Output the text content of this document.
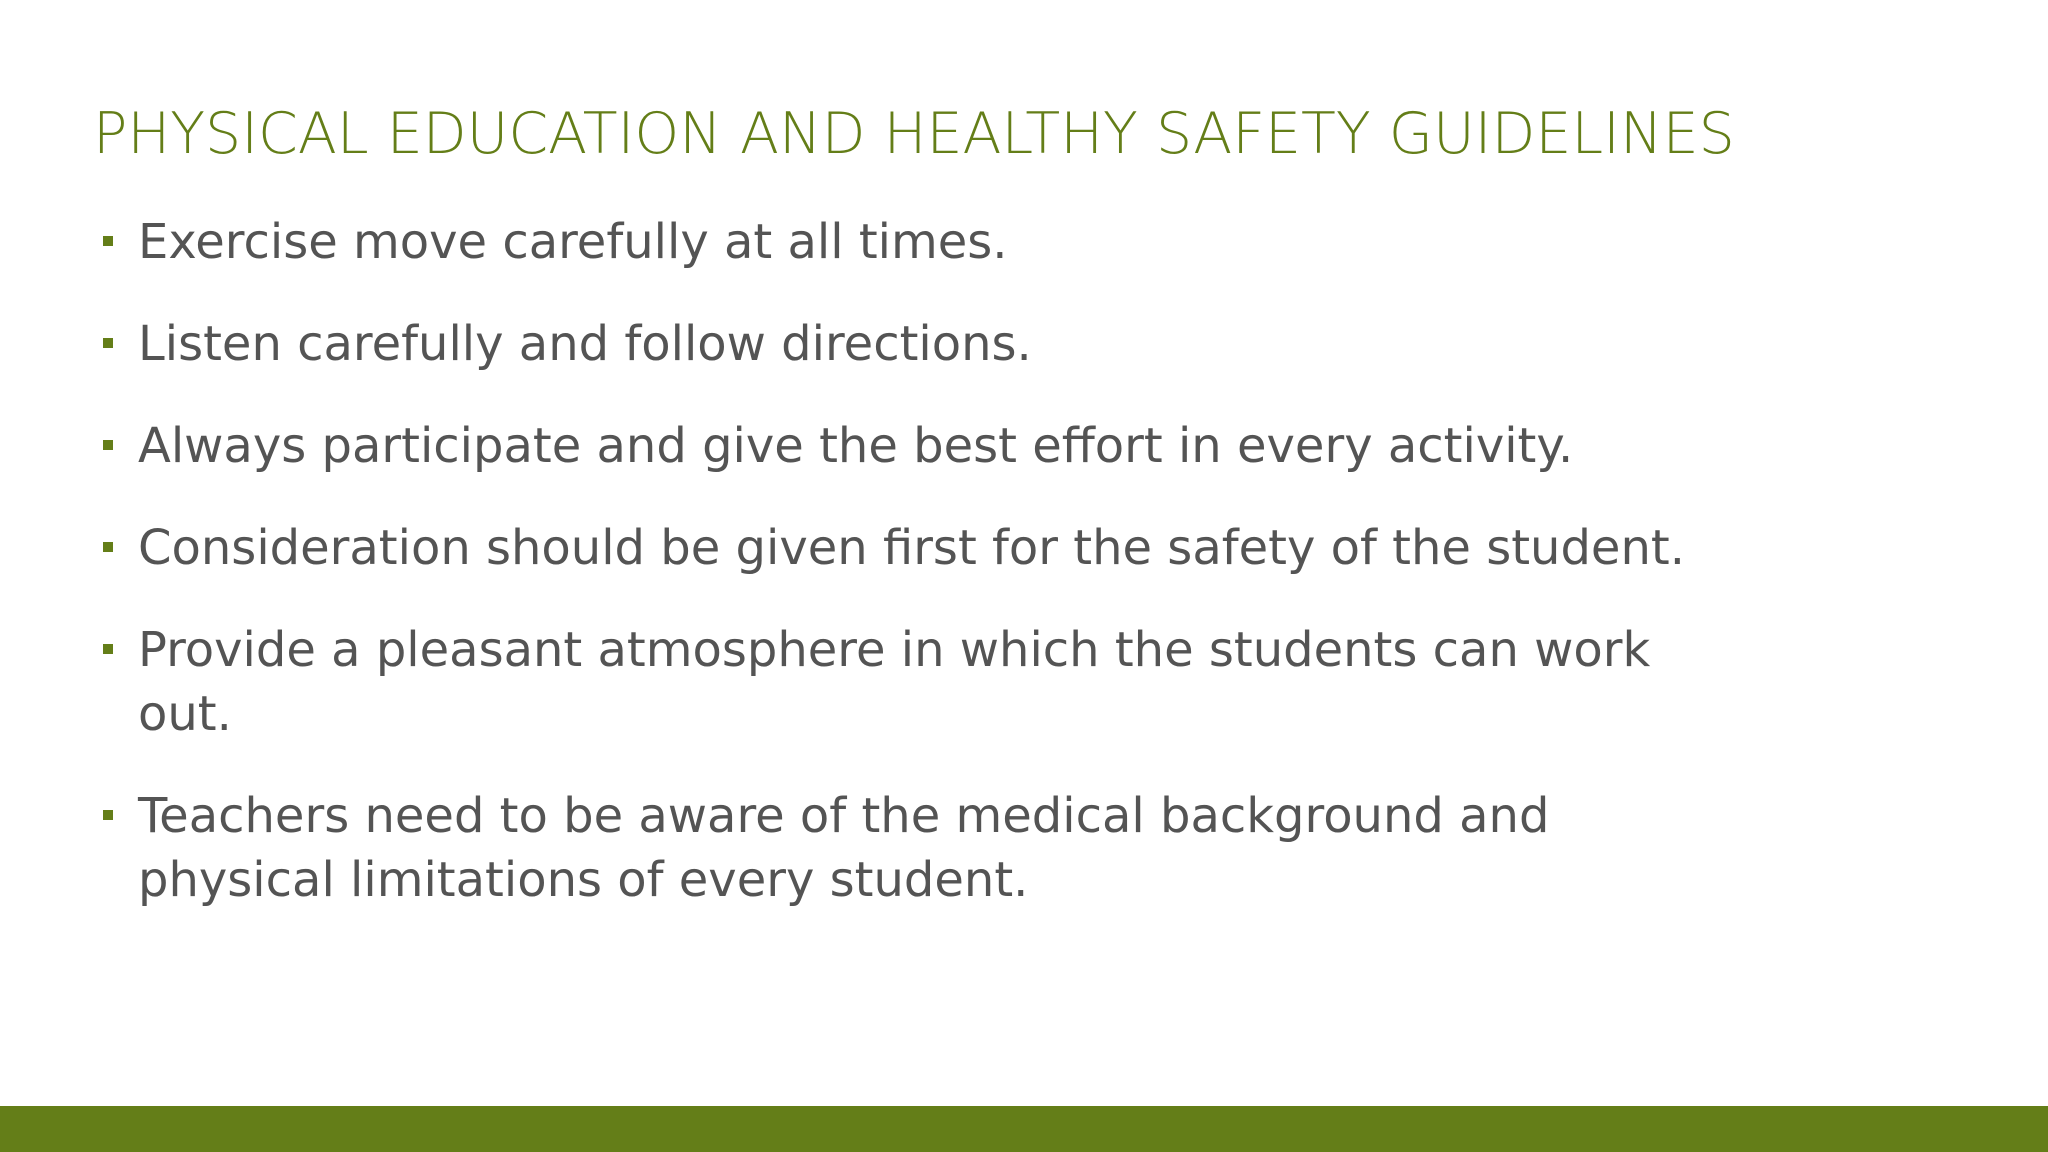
PHYSICAL EDUCATION AND HEALTHY SAFETY GUIDELINES
Exercise move carefully at all times.
Listen carefully and follow directions.
Always participate and give the best effort in every activity.
Consideration should be given first for the safety of the student.
Provide a pleasant atmosphere in which the students can work out.
Teachers need to be aware of the medical background and physical limitations of every student.
